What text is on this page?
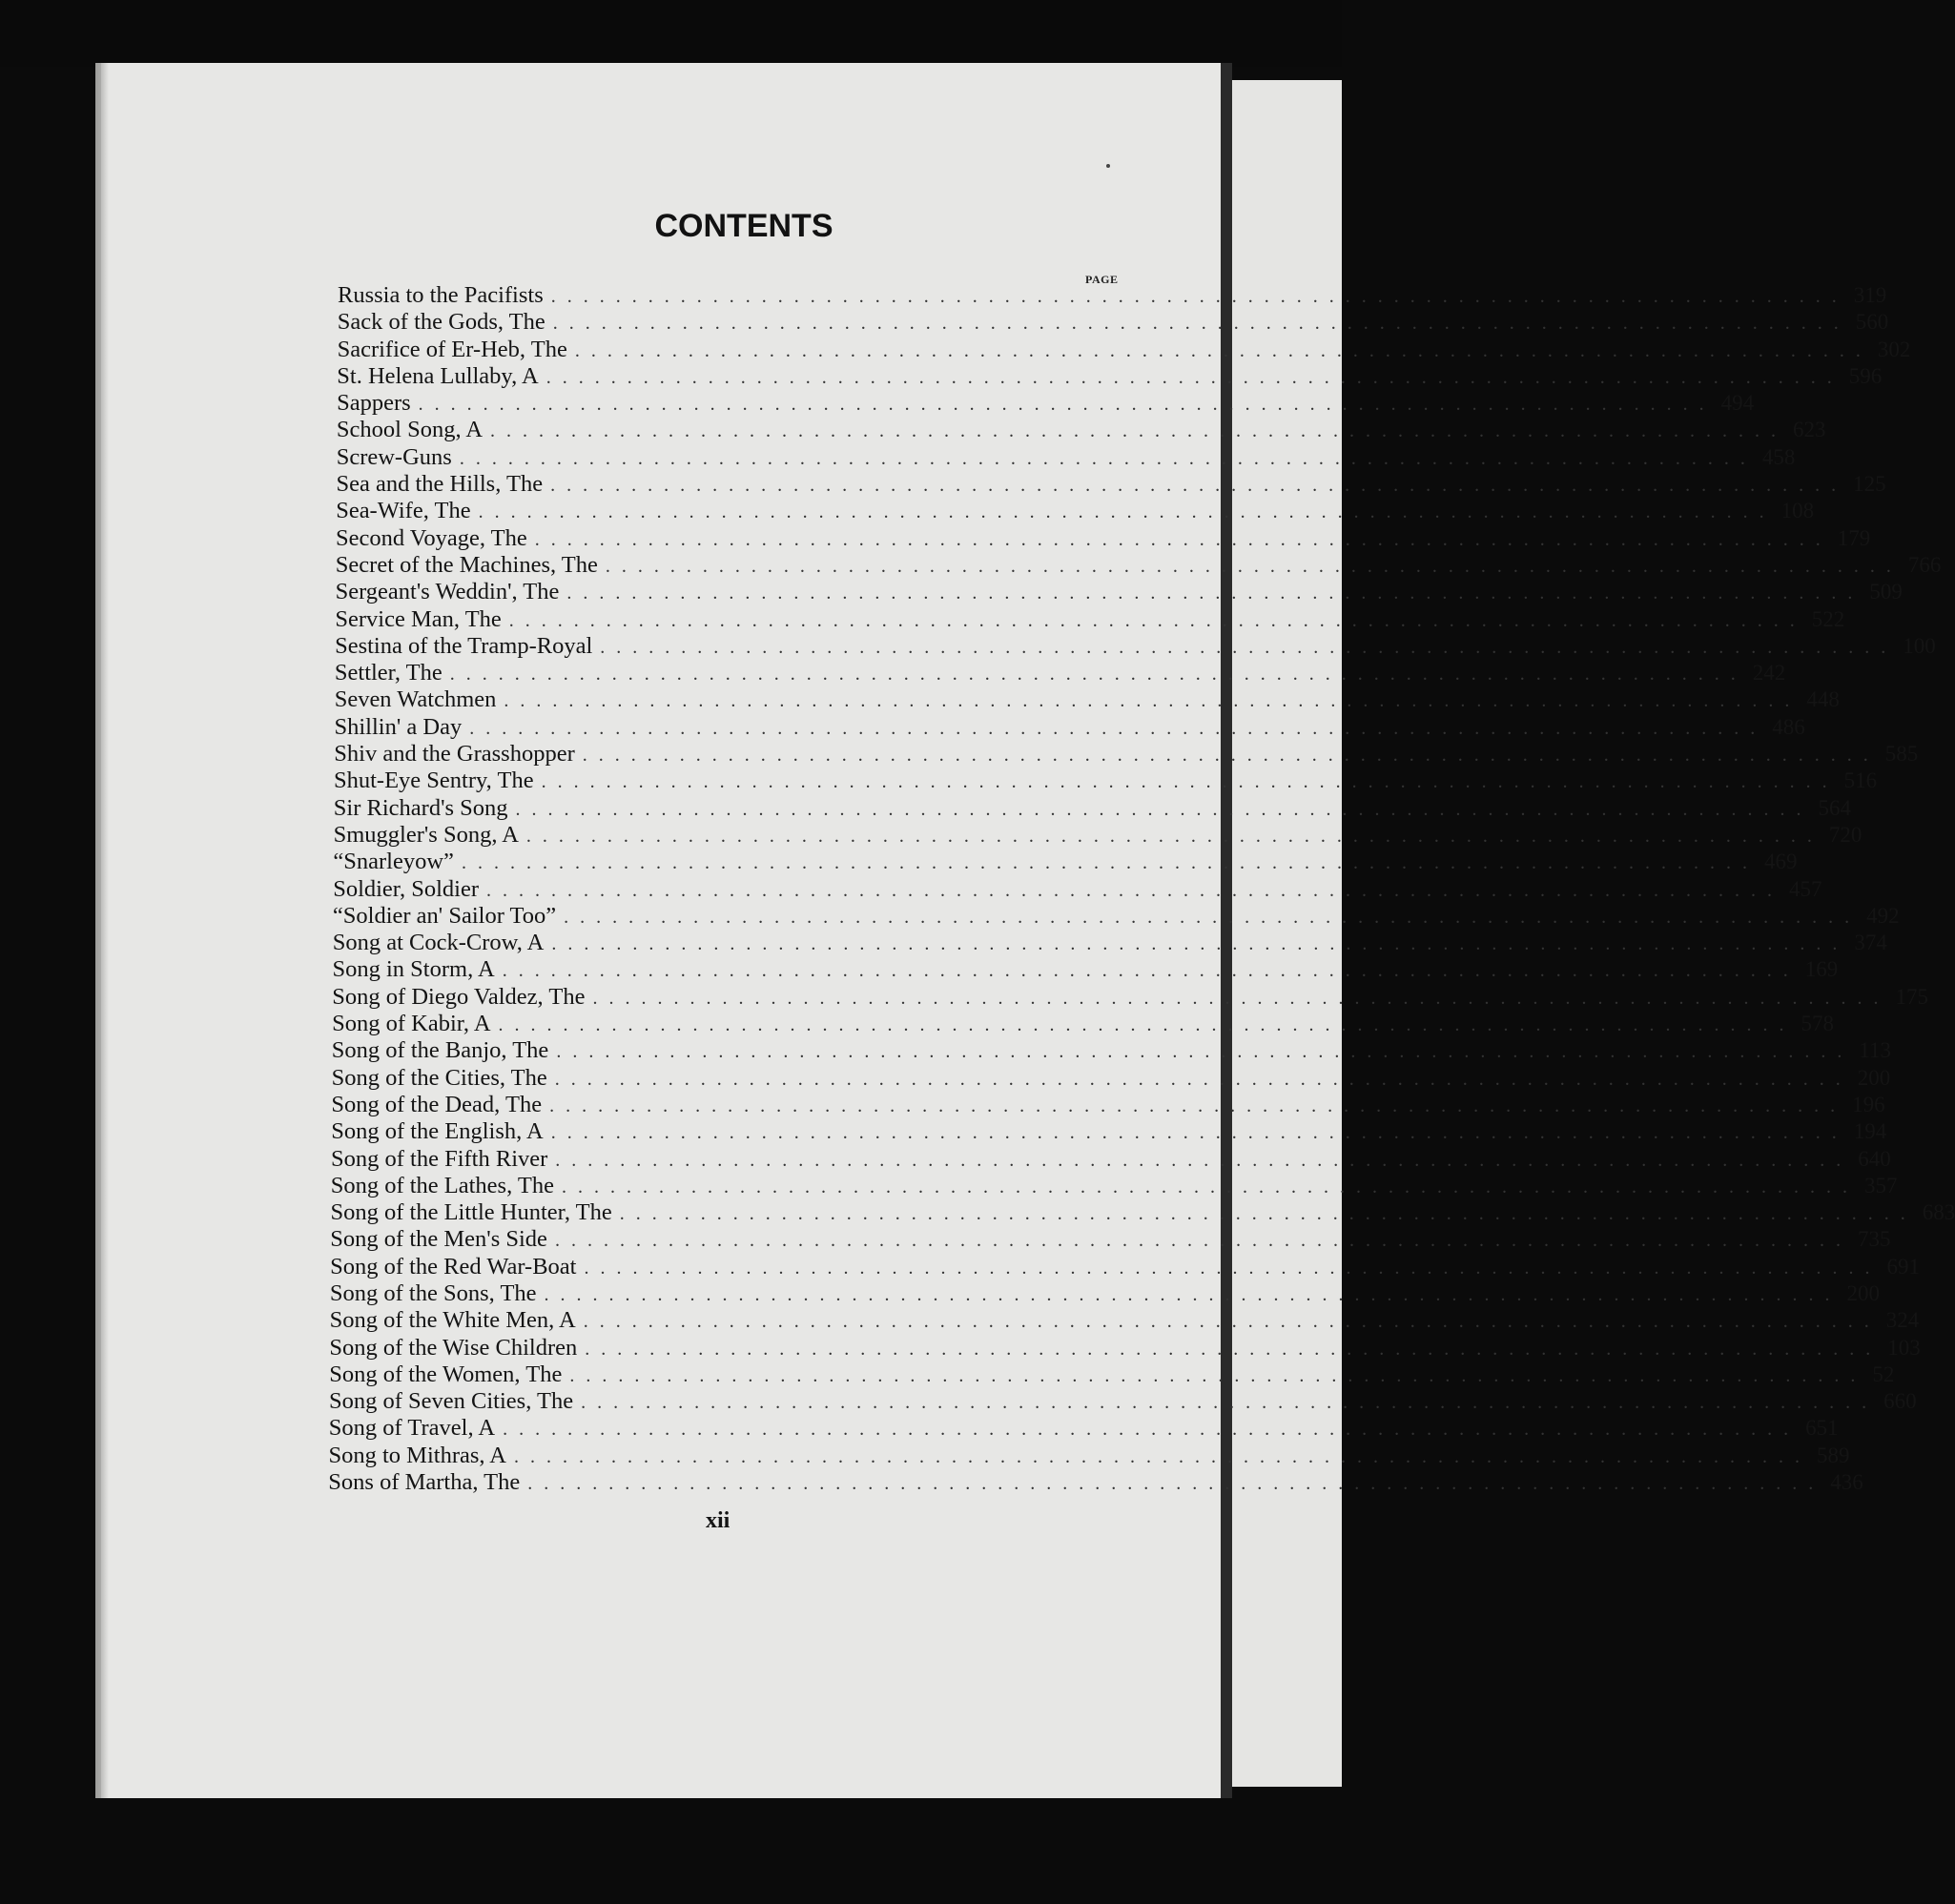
CONTENTS
PAGE
Russia to the Pacifists ................................................................................ 319
Sack of the Gods, The ................................................................................ 560
Sacrifice of Er-Heb, The ................................................................................ 302
St. Helena Lullaby, A ................................................................................ 596
Sappers ................................................................................ 494
School Song, A ................................................................................ 623
Screw-Guns ................................................................................ 458
Sea and the Hills, The ................................................................................ 125
Sea-Wife, The ................................................................................ 108
Second Voyage, The ................................................................................ 179
Secret of the Machines, The ................................................................................ 766
Sergeant's Weddin', The ................................................................................ 509
Service Man, The ................................................................................ 522
Sestina of the Tramp-Royal ................................................................................ 100
Settler, The ................................................................................ 242
Seven Watchmen ................................................................................ 448
Shillin' a Day ................................................................................ 486
Shiv and the Grasshopper ................................................................................ 585
Shut-Eye Sentry, The ................................................................................ 516
Sir Richard's Song ................................................................................ 564
Smuggler's Song, A ................................................................................ 720
“Snarleyow” ................................................................................ 469
Soldier, Soldier ................................................................................ 457
“Soldier an' Sailor Too” ................................................................................ 492
Song at Cock-Crow, A ................................................................................ 374
Song in Storm, A ................................................................................ 169
Song of Diego Valdez, The ................................................................................ 175
Song of Kabir, A ................................................................................ 578
Song of the Banjo, The ................................................................................ 113
Song of the Cities, The ................................................................................ 200
Song of the Dead, The ................................................................................ 196
Song of the English, A ................................................................................ 194
Song of the Fifth River ................................................................................ 640
Song of the Lathes, The ................................................................................ 357
Song of the Little Hunter, The ................................................................................ 683
Song of the Men's Side ................................................................................ 735
Song of the Red War-Boat ................................................................................ 691
Song of the Sons, The ................................................................................ 200
Song of the White Men, A ................................................................................ 324
Song of the Wise Children ................................................................................ 103
Song of the Women, The ................................................................................ 52
Song of Seven Cities, The ................................................................................ 660
Song of Travel, A ................................................................................ 651
Song to Mithras, A ................................................................................ 589
Sons of Martha, The ................................................................................ 436
xii
